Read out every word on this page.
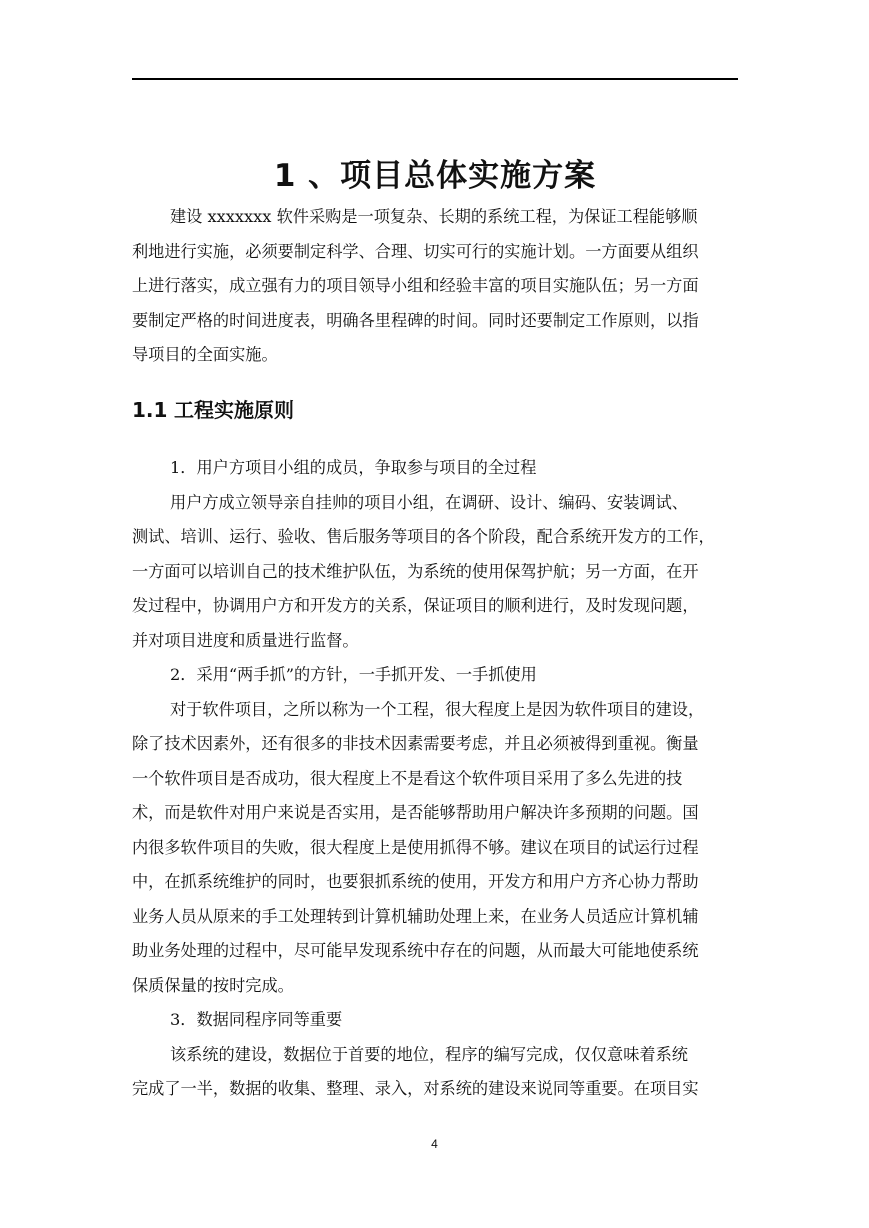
1 、项目总体实施方案
建设 xxxxxxx 软件采购是一项复杂、长期的系统工程，为保证工程能够顺
利地进行实施，必须要制定科学、合理、切实可行的实施计划。一方面要从组织
上进行落实，成立强有力的项目领导小组和经验丰富的项目实施队伍；另一方面
要制定严格的时间进度表，明确各里程碑的时间。同时还要制定工作原则，以指
导项目的全面实施。
1.1 工程实施原则
1．用户方项目小组的成员，争取参与项目的全过程
用户方成立领导亲自挂帅的项目小组，在调研、设计、编码、安装调试、
测试、培训、运行、验收、售后服务等项目的各个阶段，配合系统开发方的工作，
一方面可以培训自己的技术维护队伍，为系统的使用保驾护航；另一方面，在开
发过程中，协调用户方和开发方的关系，保证项目的顺利进行，及时发现问题，
并对项目进度和质量进行监督。
2．采用“两手抓”的方针，一手抓开发、一手抓使用
对于软件项目，之所以称为一个工程，很大程度上是因为软件项目的建设，
除了技术因素外，还有很多的非技术因素需要考虑，并且必须被得到重视。衡量
一个软件项目是否成功，很大程度上不是看这个软件项目采用了多么先进的技
术，而是软件对用户来说是否实用，是否能够帮助用户解决许多预期的问题。国
内很多软件项目的失败，很大程度上是使用抓得不够。建议在项目的试运行过程
中，在抓系统维护的同时，也要狠抓系统的使用，开发方和用户方齐心协力帮助
业务人员从原来的手工处理转到计算机辅助处理上来，在业务人员适应计算机辅
助业务处理的过程中，尽可能早发现系统中存在的问题，从而最大可能地使系统
保质保量的按时完成。
3．数据同程序同等重要
该系统的建设，数据位于首要的地位，程序的编写完成，仅仅意味着系统
完成了一半，数据的收集、整理、录入，对系统的建设来说同等重要。在项目实
4
